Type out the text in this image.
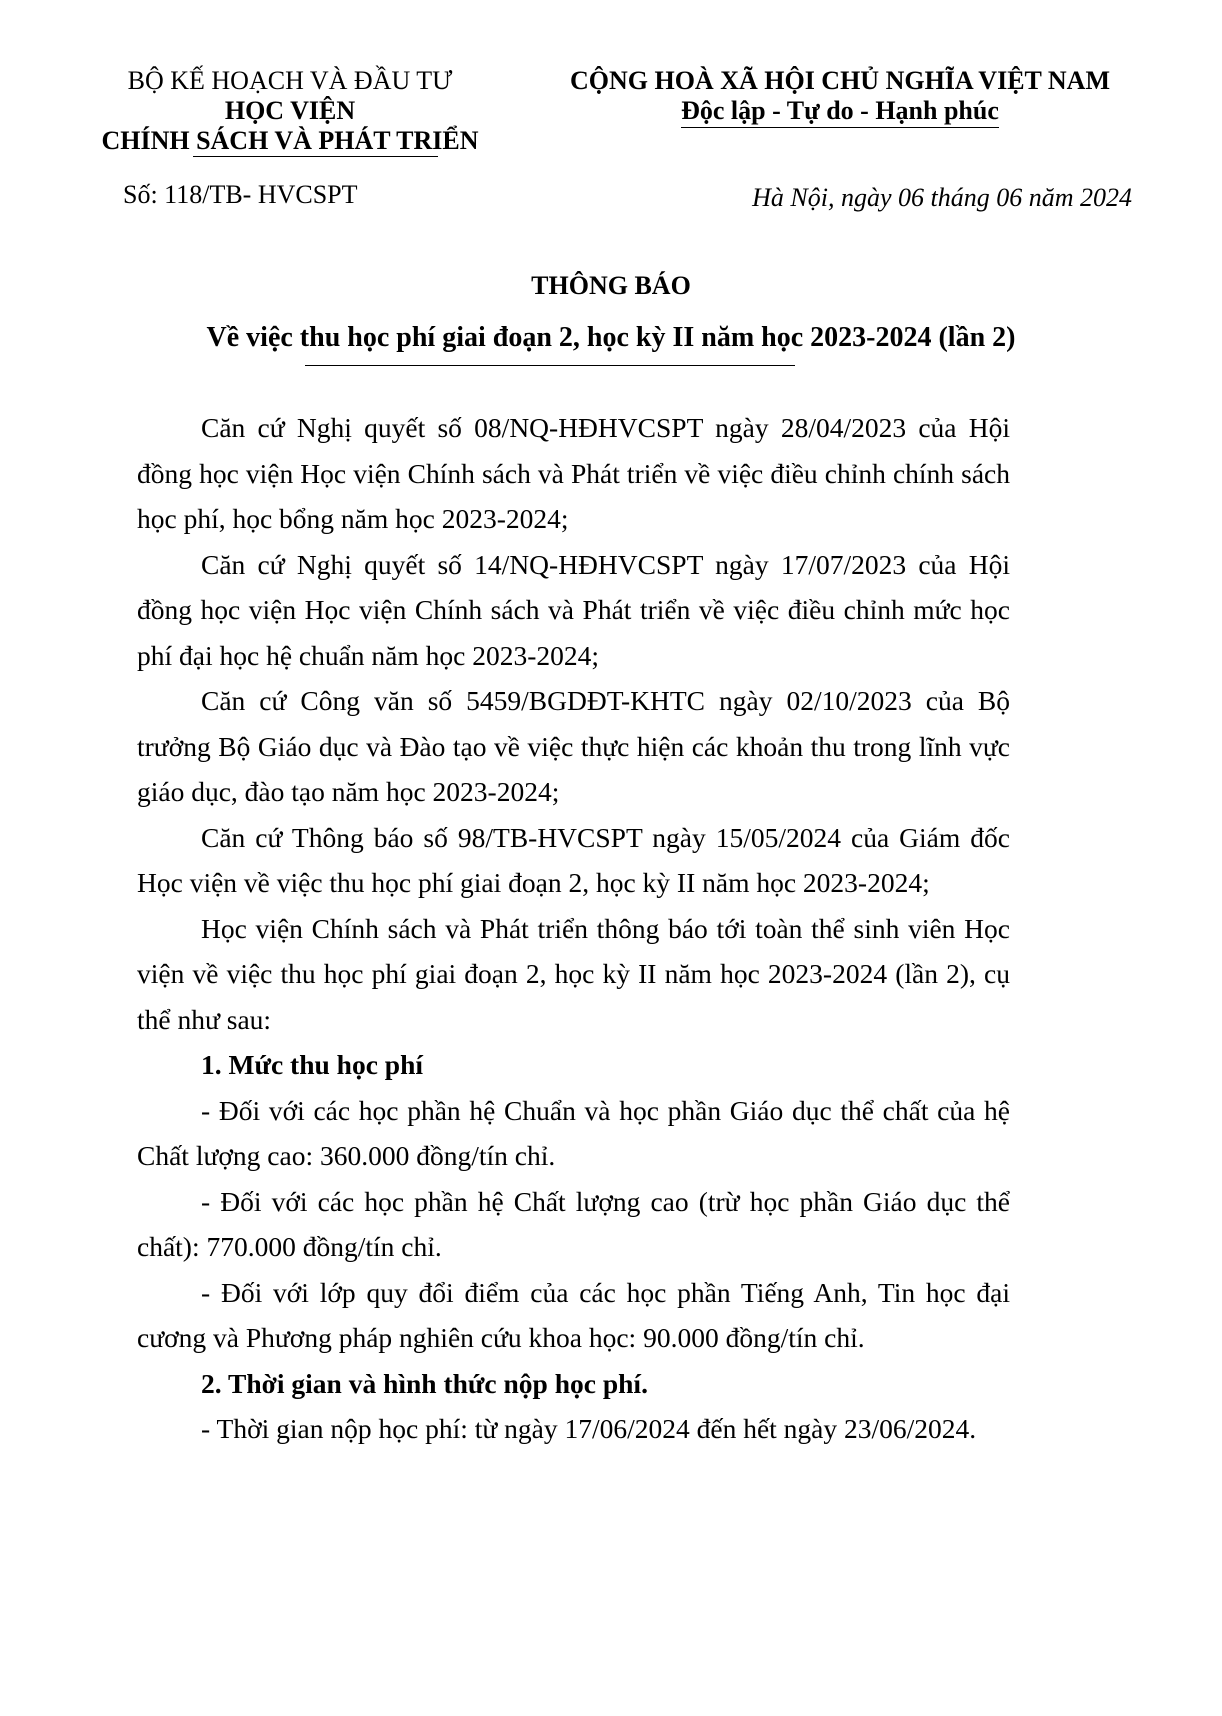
BỘ KẾ HOẠCH VÀ ĐẦU TƯ
HỌC VIỆN
CHÍNH SÁCH VÀ PHÁT TRIỂN
CỘNG HOÀ XÃ HỘI CHỦ NGHĨA VIỆT NAM
Độc lập - Tự do - Hạnh phúc
Số: 118/TB- HVCSPT	Hà Nội, ngày 06 tháng 06 năm 2024
THÔNG BÁO
Về việc thu học phí giai đoạn 2, học kỳ II năm học 2023-2024 (lần 2)

Căn cứ Nghị quyết số 08/NQ-HĐHVCSPT ngày 28/04/2023 của Hội đồng học viện Học viện Chính sách và Phát triển về việc điều chỉnh chính sách học phí, học bổng năm học 2023-2024;

Căn cứ Nghị quyết số 14/NQ-HĐHVCSPT ngày 17/07/2023 của Hội đồng học viện Học viện Chính sách và Phát triển về việc điều chỉnh mức học phí đại học hệ chuẩn năm học 2023-2024;

Căn cứ Công văn số 5459/BGDĐT-KHTC ngày 02/10/2023 của Bộ trưởng Bộ Giáo dục và Đào tạo về việc thực hiện các khoản thu trong lĩnh vực giáo dục, đào tạo năm học 2023-2024;

Căn cứ Thông báo số 98/TB-HVCSPT ngày 15/05/2024 của Giám đốc Học viện về việc thu học phí giai đoạn 2, học kỳ II năm học 2023-2024;

Học viện Chính sách và Phát triển thông báo tới toàn thể sinh viên Học viện về việc thu học phí giai đoạn 2, học kỳ II năm học 2023-2024 (lần 2), cụ thể như sau:

1. Mức thu học phí

- Đối với các học phần hệ Chuẩn và học phần Giáo dục thể chất của hệ Chất lượng cao: 360.000 đồng/tín chỉ.

- Đối với các học phần hệ Chất lượng cao (trừ học phần Giáo dục thể chất): 770.000 đồng/tín chỉ.

- Đối với lớp quy đổi điểm của các học phần Tiếng Anh, Tin học đại cương và Phương pháp nghiên cứu khoa học: 90.000 đồng/tín chỉ.

2. Thời gian và hình thức nộp học phí.

- Thời gian nộp học phí: từ ngày 17/06/2024 đến hết ngày 23/06/2024.
